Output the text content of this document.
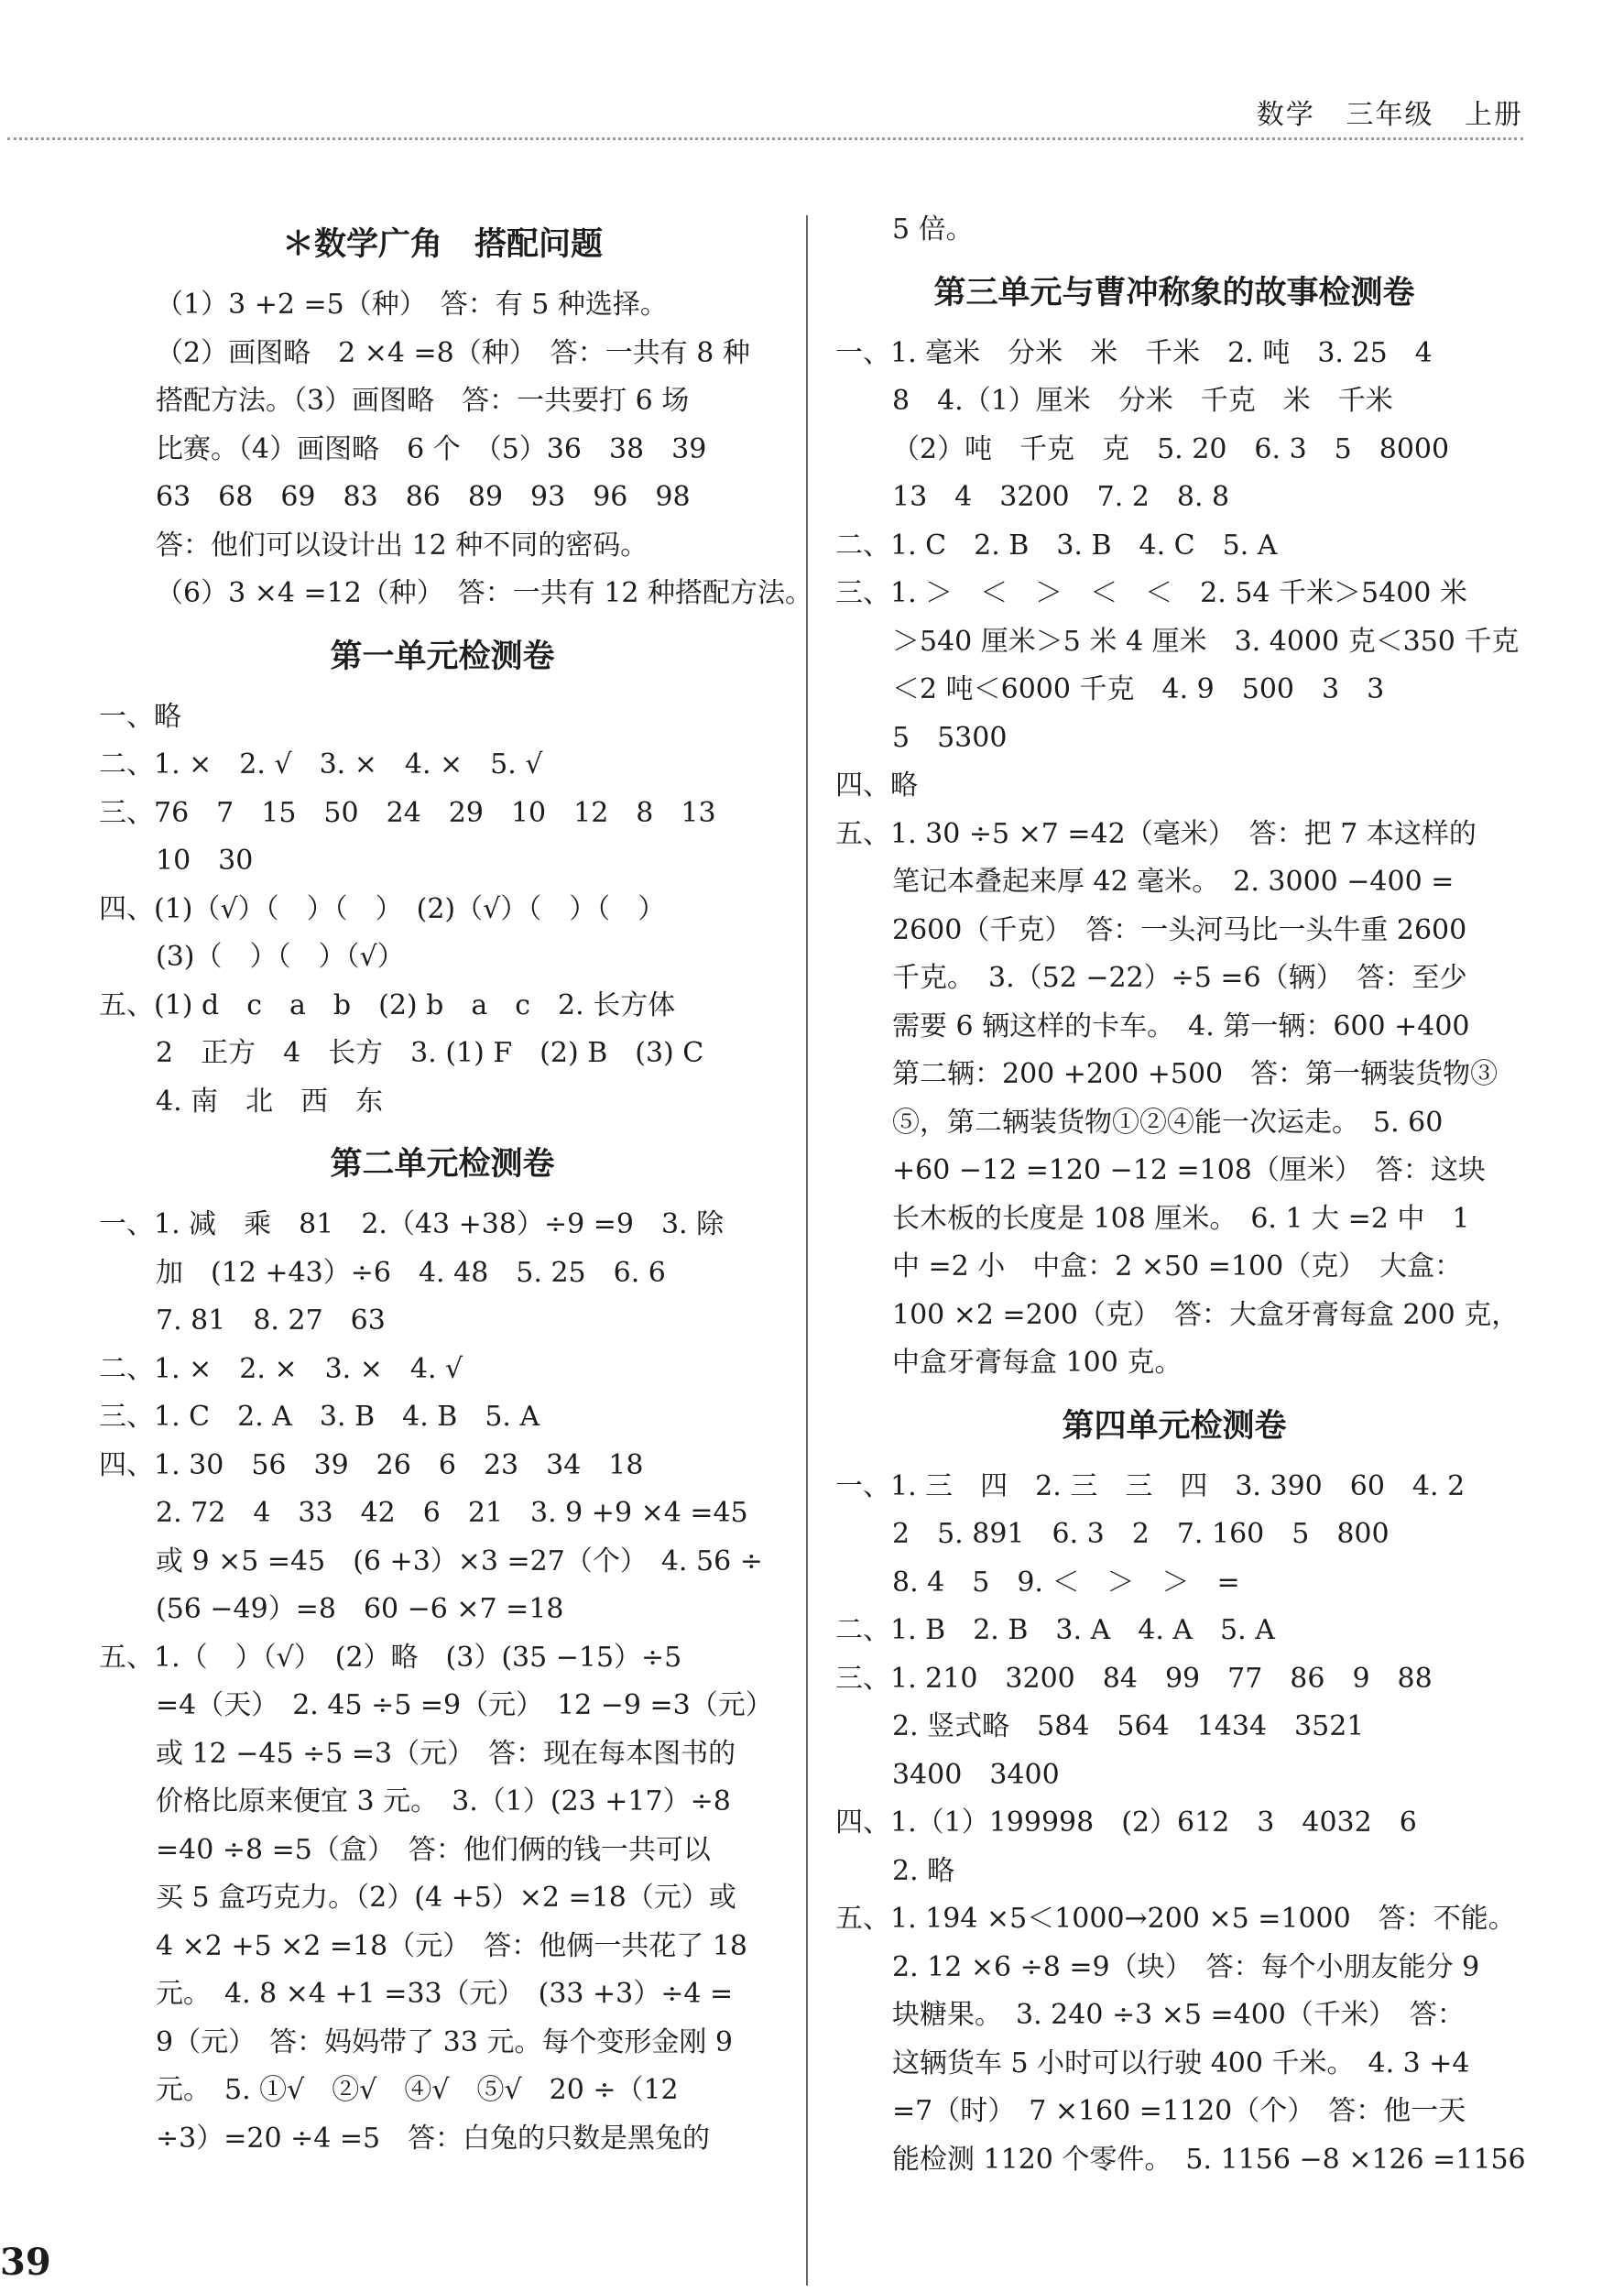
数学 三年级 上册
＊数学广角　搭配问题
（1）3 +2 =5（种）　答：有 5 种选择。
（2）画图略　2 ×4 =8（种）　答：一共有 8 种
搭配方法。（3）画图略　答：一共要打 6 场
比赛。（4）画图略　6 个　（5）36　38　39
63　68　69　83　86　89　93　96　98
答：他们可以设计出 12 种不同的密码。
（6）3 ×4 =12（种）　答：一共有 12 种搭配方法。
第一单元检测卷
一、略
二、1. ×　2. √　3. ×　4. ×　5. √
三、76　7　15　50　24　29　10　12　8　13
10　30
四、(1)（√）（　）（　）　(2)（√）（　）（　）
(3)（　）（　）（√）
五、(1) d　c　a　b　(2) b　a　c　2. 长方体
2　正方　4　长方　3. (1) F　(2) B　(3) C
4. 南　北　西　东
第二单元检测卷
一、1. 减　乘　81　2.（43 +38）÷9 =9　3. 除
加　(12 +43）÷6　4. 48　5. 25　6. 6
7. 81　8. 27　63
二、1. ×　2. ×　3. ×　4. √
三、1. C　2. A　3. B　4. B　5. A
四、1. 30　56　39　26　6　23　34　18
2. 72　4　33　42　6　21　3. 9 +9 ×4 =45
或 9 ×5 =45　(6 +3）×3 =27（个）　4. 56 ÷
(56 −49）=8　60 −6 ×7 =18
五、1.（　）（√）　(2）略　(3）(35 −15）÷5
=4（天）　2. 45 ÷5 =9（元）　12 −9 =3（元）
或 12 −45 ÷5 =3（元）　答：现在每本图书的
价格比原来便宜 3 元。　3.（1）(23 +17）÷8
=40 ÷8 =5（盒）　答：他们俩的钱一共可以
买 5 盒巧克力。（2）(4 +5）×2 =18（元）或
4 ×2 +5 ×2 =18（元）　答：他俩一共花了 18
元。　4. 8 ×4 +1 =33（元）　(33 +3）÷4 =
9（元）　答：妈妈带了 33 元。每个变形金刚 9
元。　5. ①√　②√　④√　⑤√　20 ÷（12
÷3）=20 ÷4 =5　答：白兔的只数是黑兔的
5 倍。
第三单元与曹冲称象的故事检测卷
一、1. 毫米　分米　米　千米　2. 吨　3. 25　4
8　4.（1）厘米　分米　千克　米　千米
（2）吨　千克　克　5. 20　6. 3　5　8000
13　4　3200　7. 2　8. 8
二、1. C　2. B　3. B　4. C　5. A
三、1. ＞　＜　＞　＜　＜　2. 54 千米＞5400 米
＞540 厘米＞5 米 4 厘米　3. 4000 克＜350 千克
＜2 吨＜6000 千克　4. 9　500　3　3
5　5300
四、略
五、1. 30 ÷5 ×7 =42（毫米）　答：把 7 本这样的
笔记本叠起来厚 42 毫米。　2. 3000 −400 =
2600（千克）　答：一头河马比一头牛重 2600
千克。　3.（52 −22）÷5 =6（辆）　答：至少
需要 6 辆这样的卡车。　4. 第一辆：600 +400
第二辆：200 +200 +500　答：第一辆装货物③
⑤，第二辆装货物①②④能一次运走。　5. 60
+60 −12 =120 −12 =108（厘米）　答：这块
长木板的长度是 108 厘米。　6. 1 大 =2 中　1
中 =2 小　中盒：2 ×50 =100（克）　大盒：
100 ×2 =200（克）　答：大盒牙膏每盒 200 克，
中盒牙膏每盒 100 克。
第四单元检测卷
一、1. 三　四　2. 三　三　四　3. 390　60　4. 2
2　5. 891　6. 3　2　7. 160　5　800
8. 4　5　9. ＜　＞　＞　=
二、1. B　2. B　3. A　4. A　5. A
三、1. 210　3200　84　99　77　86　9　88
2. 竖式略　584　564　1434　3521
3400　3400
四、1.（1）199998　(2）612　3　4032　6
2. 略
五、1. 194 ×5＜1000→200 ×5 =1000　答：不能。
2. 12 ×6 ÷8 =9（块）　答：每个小朋友能分 9
块糖果。　3. 240 ÷3 ×5 =400（千米）　答：
这辆货车 5 小时可以行驶 400 千米。　4. 3 +4
=7（时）　7 ×160 =1120（个）　答：他一天
能检测 1120 个零件。　5. 1156 −8 ×126 =1156
39
